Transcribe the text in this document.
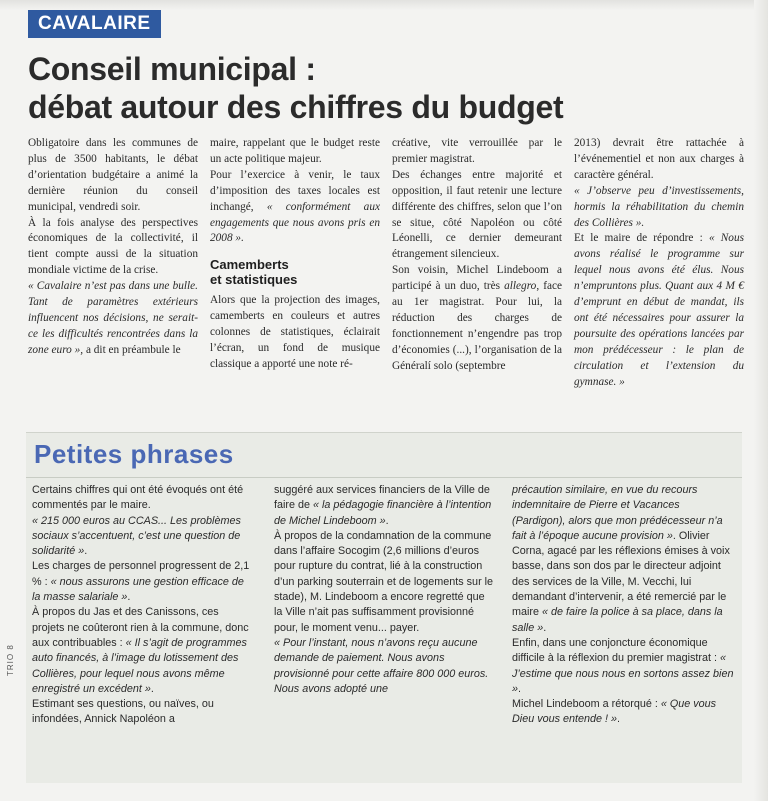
CAVALAIRE
Conseil municipal :
débat autour des chiffres du budget

Obligatoire dans les communes de plus de 3500 habitants, le débat d’orientation budgétaire a animé la dernière réunion du conseil municipal, vendredi soir.

À la fois analyse des perspectives économiques de la collectivité, il tient compte aussi de la situation mondiale victime de la crise.

« Cavalaire n’est pas dans une bulle. Tant de paramètres extérieurs influencent nos décisions, ne serait-ce les difficultés rencontrées dans la zone euro », a dit en préambule le

maire, rappelant que le budget reste un acte politique majeur.

Pour l’exercice à venir, le taux d’imposition des taxes locales est inchangé, « conformément aux engagements que nous avons pris en 2008 ».

Camemberts
et statistiques

Alors que la projection des images, camemberts en couleurs et autres colonnes de statistiques, éclairait l’écran, un fond de musique classique a apporté une note ré-

créative, vite verrouillée par le premier magistrat.

Des échanges entre majorité et opposition, il faut retenir une lecture différente des chiffres, selon que l’on se situe, côté Napoléon ou côté Léonelli, ce dernier demeurant étrangement silencieux.

Son voisin, Michel Lindeboom a participé à un duo, très allegro, face au 1er magistrat. Pour lui, la réduction des charges de fonctionnement n’engendre pas trop d’économies (...), l’organisation de la Généralí solo (septembre

2013) devrait être rattachée à l’événementiel et non aux charges à caractère général.

« J’observe peu d’investissements, hormis la réhabilitation du chemin des Collières ».

Et le maire de répondre : « Nous avons réalisé le programme sur lequel nous avons été élus. Nous n’empruntons plus. Quant aux 4 M € d’emprunt en début de mandat, ils ont été nécessaires pour assurer la poursuite des opérations lancées par mon prédécesseur : le plan de circulation et l’extension du gymnase. »

Petites phrases

Certains chiffres qui ont été évoqués ont été commentés par le maire.

« 215 000 euros au CCAS... Les problèmes sociaux s’accentuent, c’est une question de solidarité ».

Les charges de personnel progressent de 2,1 % : « nous assurons une gestion efficace de la masse salariale ».

À propos du Jas et des Canissons, ces projets ne coûteront rien à la commune, donc aux contribuables : « Il s’agit de programmes auto financés, à l’image du lotissement des Collières, pour lequel nous avons même enregistré un excédent ».

Estimant ses questions, ou naïves, ou infondées, Annick Napoléon a

suggéré aux services financiers de la Ville de faire de « la pédagogie financière à l’intention de Michel Lindeboom ».

À propos de la condamnation de la commune dans l’affaire Socogim (2,6 millions d’euros pour rupture du contrat, lié à la construction d’un parking souterrain et de logements sur le stade), M. Lindeboom a encore regretté que la Ville n’ait pas suffisamment provisionné pour, le moment venu... payer.

« Pour l’instant, nous n’avons reçu aucune demande de paiement. Nous avons provisionné pour cette affaire 800 000 euros. Nous avons adopté une

précaution similaire, en vue du recours indemnitaire de Pierre et Vacances (Pardigon), alors que mon prédécesseur n’a fait à l’époque aucune provision ». Olivier Corna, agacé par les réflexions émises à voix basse, dans son dos par le directeur adjoint des services de la Ville, M. Vecchi, lui demandant d’intervenir, a été remercié par le maire « de faire la police à sa place, dans la salle ».

Enfin, dans une conjoncture économique difficile à la réflexion du premier magistrat : « J’estime que nous nous en sortons assez bien ».

Michel Lindeboom a rétorqué : « Que vous Dieu vous entende ! ».

TRIO 8
